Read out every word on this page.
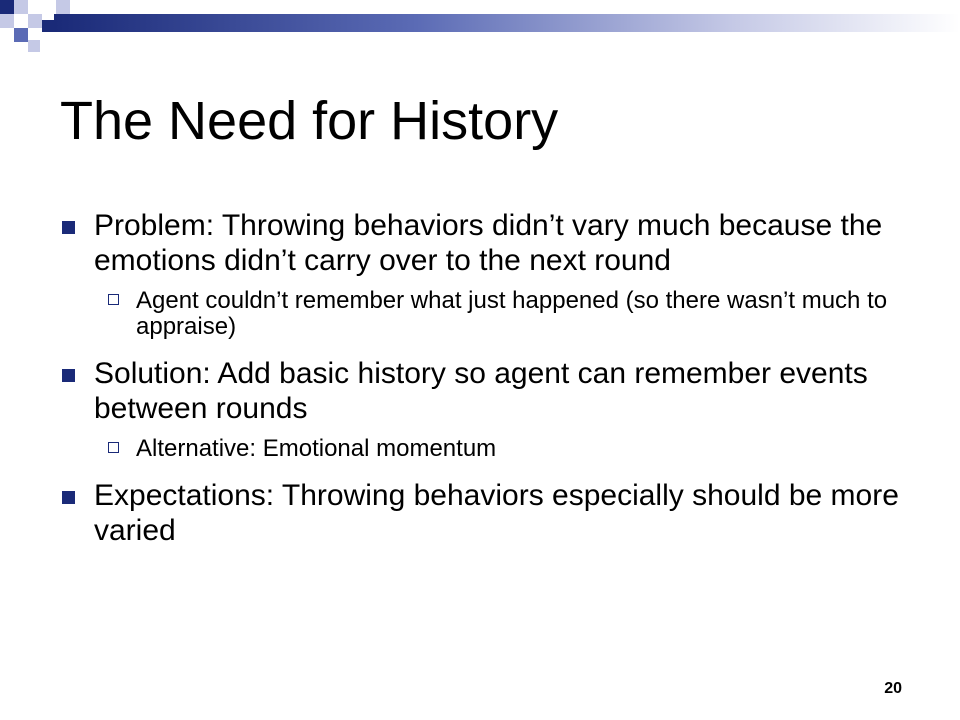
The Need for History
Problem: Throwing behaviors didn’t vary much because the emotions didn’t carry over to the next round
Agent couldn’t remember what just happened (so there wasn’t much to appraise)
Solution: Add basic history so agent can remember events between rounds
Alternative: Emotional momentum
Expectations: Throwing behaviors especially should be more varied
20
